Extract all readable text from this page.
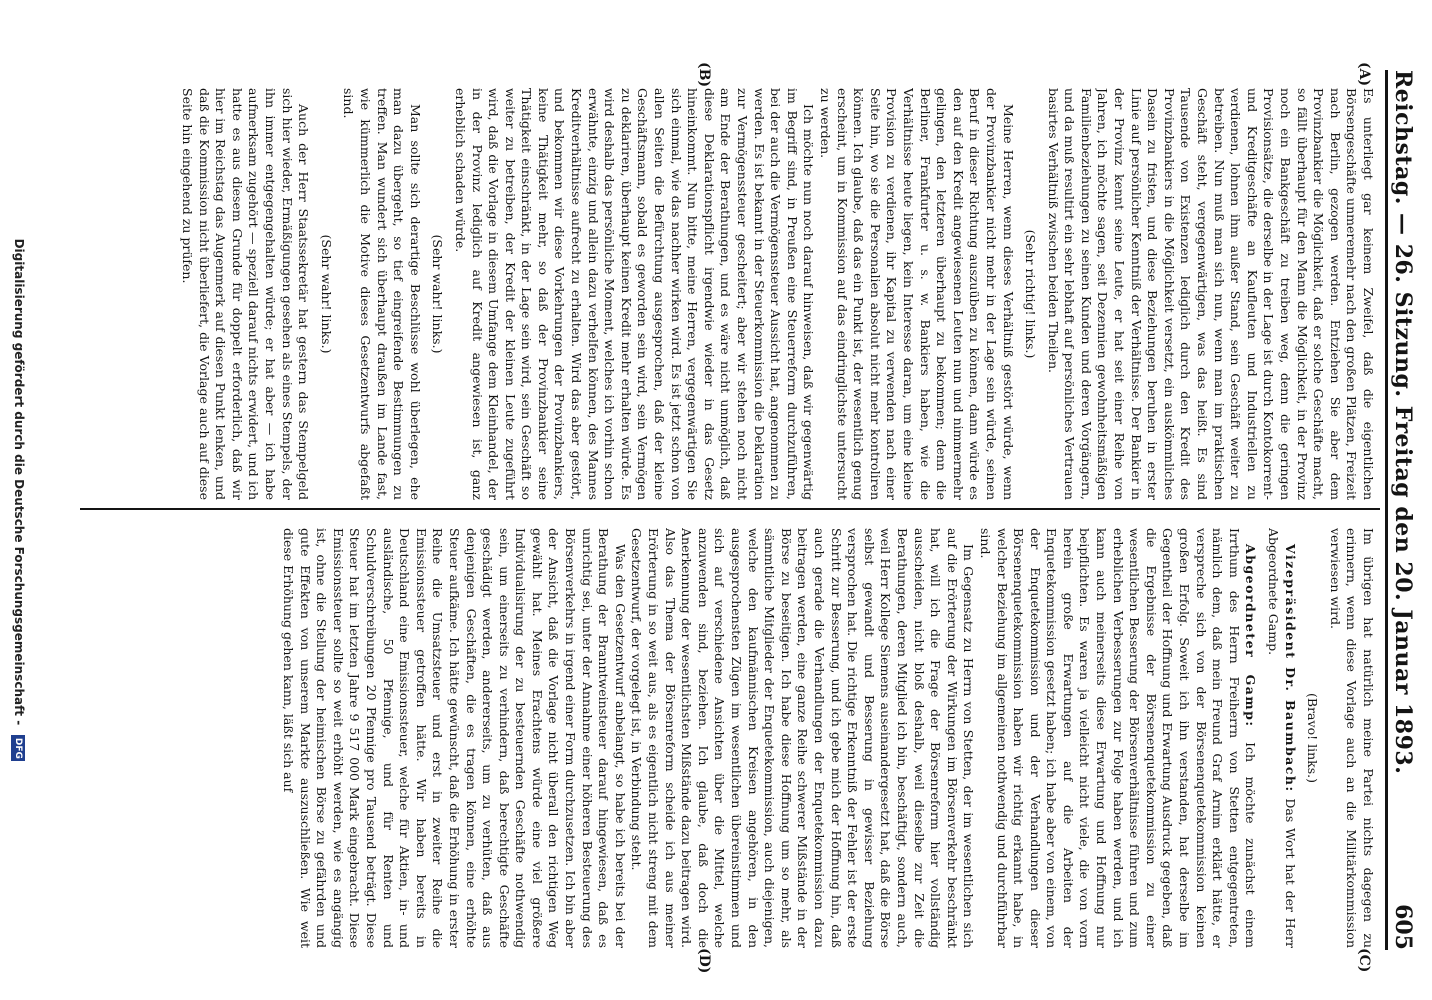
Reichstag. — 26. Sitzung. Freitag den 20. Januar 1893.
605
(A)
(B)
(C)
(D)

Es unterliegt gar keinem Zweifel, daß die eigentlichen Börsengeschäfte unmeremehr nach den großen Plätzen, Freizeit nach Berlin, gezogen werden. Entziehen Sie aber dem Provinzbankier die Möglichkeit, daß er solche Geschäfte macht, so fällt überhaupt für den Mann die Möglichkeit, in der Provinz noch ein Bankgeschäft zu treiben weg, denn die geringen Provisionsätze, die derselbe in der Lage ist durch Kontokorrent- und Kreditgeschäfte an Kaufleuten und Industriellen zu verdienen, lohnen ihm außer Stand, sein Geschäft weiter zu betreiben. Nun muß man sich nun, wenn man im praktischen Geschäft steht, vergegenwärtigen, was das heißt. Es sind Tausende von Existenzen lediglich durch den Kredit des Provinzbankiers in die Möglichkeit versetzt, ein auskömmliches Dasein zu fristen, und diese Beziehungen beruhen in erster Linie auf persönlicher Kenntniß der Verhältnisse. Der Bankier in der Provinz kennt seine Leute, er hat seit einer Reihe von Jahren, ich möchte sagen, seit Dezennien gewohnheitsmäßigen Familienbeziehungen zu seinen Kunden und deren Vorgängern, und da muß resultirt ein sehr lebhaft auf persönliches Vertrauen basirtes Verhältniß zwischen beiden Theilen.

(Sehr richtig! links.)

Meine Herren, wenn dieses Verhältniß gestört würde, wenn der Provinzbankier nicht mehr in der Lage sein würde, seinen Beruf in dieser Richtung auszuüben zu können, dann würde es den auf den Kredit angewiesenen Leuten nun und nimmermehr gelingen, den letzteren überhaupt zu bekommen; denn die Berliner, Frankfurter u. s. w. Bankiers haben, wie die Verhältnisse heute liegen, kein Interesse daran, um eine kleine Provision zu verdienen, ihr Kapital zu verwenden nach einer Seite hin, wo sie die Personalien absolut nicht mehr kontroliren können. Ich glaube, daß das ein Punkt ist, der wesentlich genug erscheint, um in Kommission auf das eindringlichste untersucht zu werden.

Ich möchte nun noch darauf hinweisen, daß wir gegenwärtig im Begriff sind, in Preußen eine Steuerreform durchzuführen, bei der auch die Vermögenssteuer Aussicht hat, angenommen zu werden. Es ist bekannt in der Steuerkommission die Deklaration zur Vermögenssteuer gescheitert; aber wir stehen noch nicht am Ende der Berathungen, und es wäre nicht unmöglich, daß diese Deklarationspflicht irgendwie wieder in das Gesetz hineinkommt. Nun bitte, meine Herren, vergegenwärtigen Sie sich einmal, wie das nachher wirken wird. Es ist jetzt schon von allen Seiten die Befürchtung ausgesprochen, daß der kleine Geschäftsmann, sobald es geworden sein wird, sein Vermögen zu deklariren, überhaupt keinen Kredit mehr erhalten würde. Es wird deshalb das persönliche Moment, welches ich vorhin schon erwähnte, einzig und allein dazu verhelfen können, des Mannes Kreditverhältnisse aufrecht zu erhalten. Wird das aber gestört, und bekommen wir diese Vorkehrungen der Provinzbankiers, keine Thätigkeit mehr, so daß der Provinzbankier seine Thätigkeit einschränkt, in der Lage sein wird, sein Geschäft so weiter zu betreiben, der Kredit der kleinen Leute zugeführt wird, daß die Vorlage in diesem Umfange dem Kleinhandel, der in der Provinz lediglich auf Kredit angewiesen ist, ganz erheblich schaden würde.

(Sehr wahr! links.)

Man sollte sich derartige Beschlüsse wohl überlegen, ehe man dazu übergeht, so tief eingreifende Bestimmungen zu treffen. Man wundert sich überhaupt draußen im Lande fast, wie kümmerlich die Motive dieses Gesetzentwurfs abgefaßt sind.

(Sehr wahr! links.)

Auch der Herr Staatssekretär hat gestern das Stempelgeld sich hier wieder, Ermäßigungen gesehen als eines Stempels, der ihn immer entgegengehalten würde; er hat aber — ich habe aufmerksam zugehört — speziell darauf nichts erwidert, und ich hatte es aus diesem Grunde für doppelt erforderlich, daß wir hier im Reichstag das Augenmerk auf diesen Punkt lenken, und daß die Kommission nicht überliefert, die Vorlage auch auf diese Seite hin eingehend zu prüfen.

Im übrigen hat natürlich meine Partei nichts dagegen zu erinnern, wenn diese Vorlage auch an die Militärkommission verwiesen wird.

(Bravo! links.)

Vizepräsident Dr. Baumbach: Das Wort hat der Herr Abgeordnete Gamp.

Abgeordneter Gamp: Ich möchte zunächst einem Irrthum des Herrn Freiherrn von Stetten entgegentreten, nämlich dem, daß mein Freund Graf Arnim erklärt hätte, er verspreche sich von der Börsenenquetekommission keinen großen Erfolg. Soweit ich ihn verstanden, hat derselbe im Gegentheil der Hoffnung und Erwartung Ausdruck gegeben, daß die Ergebnisse der Börsenenquetekommission zu einer wesentlichen Besserung der Börsenverhältnisse führen und zum erheblichen Verbesserungen zur Folge haben werden, und ich kann auch meinerseits diese Erwartung und Hoffnung nur beipflichten. Es waren ja vielleicht nicht viele, die von vorn herein große Erwartungen auf die Arbeiten der Enquetekommission gesetzt haben; ich habe aber von einem, von der Enquetekommission und der Verhandlungen dieser Börsenenquetekommission haben wir richtig erkannt habe, in welcher Beziehung im allgemeinen nothwendig und durchführbar sind.

Im Gegensatz zu Herrn von Stetten, der im wesentlichen sich auf die Erörterung der Wirkungen im Börsenverkehr beschränkt hat, will ich die Frage der Börsenreform hier vollständig ausscheiden, nicht bloß deshalb, weil dieselbe zur Zeit die Berathungen, deren Mitglied ich bin, beschäftigt, sondern auch, weil Herr Kollege Siemens auseinandergesetzt hat, daß die Börse selbst gewandt und Besserung in gewisser Beziehung versprochen hat. Die richtige Erkenntniß der Fehler ist der erste Schritt zur Besserung, und ich gebe mich der Hoffnung hin, daß auch gerade die Verhandlungen der Enquetekommission dazu beitragen werden, eine ganze Reihe schwerer Mißstände in der Börse zu beseitigen. Ich habe diese Hoffnung um so mehr, als sämmtliche Mitglieder der Enquetekommission, auch diejenigen, welche den kaufmännischen Kreisen angehören, in den ausgesprochensten Zügen im wesentlichen übereinstimmen und sich auf verschiedene Ansichten über die Mittel, welche anzuwenden sind, beziehen. Ich glaube, daß doch die Anerkennung der wesentlichsten Mißstände dazu beitragen wird. Also das Thema der Börsenreform scheide ich aus meiner Erörterung in so weit aus, als es eigentlich nicht streng mit dem Gesetzentwurf, der vorgelegt ist, in Verbindung steht.

Was den Gesetzentwurf anbelangt, so habe ich bereits bei der Berathung der Branntweinsteuer darauf hingewiesen, daß es unrichtig sei, unter der Annahme einer höheren Besteuerung des Börsenverkehrs in irgend einer Form durchzusetzen. Ich bin aber der Ansicht, daß die Vorlage nicht überall den richtigen Weg gewählt hat. Meines Erachtens würde eine viel größere Individualisirung der zu besteuernden Geschäfte nothwendig sein, um einerseits zu verhindern, daß berechtigte Geschäfte geschädigt werden, andererseits, um zu verhüten, daß aus denjenigen Geschäften, die es tragen können, eine erhöhte Steuer aufkäme. Ich hätte gewünscht, daß die Erhöhung in erster Reihe die Umsatzsteuer und erst in zweiter Reihe die Emissionssteuer getroffen hätte. Wir haben bereits in Deutschland eine Emissionssteuer, welche für Aktien, in- und ausländische, 50 Pfennige, und für Renten und Schuldverschreibungen 20 Pfennige pro Tausend beträgt. Diese Steuer hat im letzten Jahre 9 517 000 Mark eingebracht. Diese Emissionssteuer sollte so weit erhöht werden, wie es angängig ist, ohne die Stellung der heimischen Börse zu gefährden und gute Effekten von unserem Markte auszuschließen. Wie weit diese Erhöhung gehen kann, läßt sich auf

Digitalisierung gefördert durch die Deutsche Forschungsgemeinschaft - DFG
